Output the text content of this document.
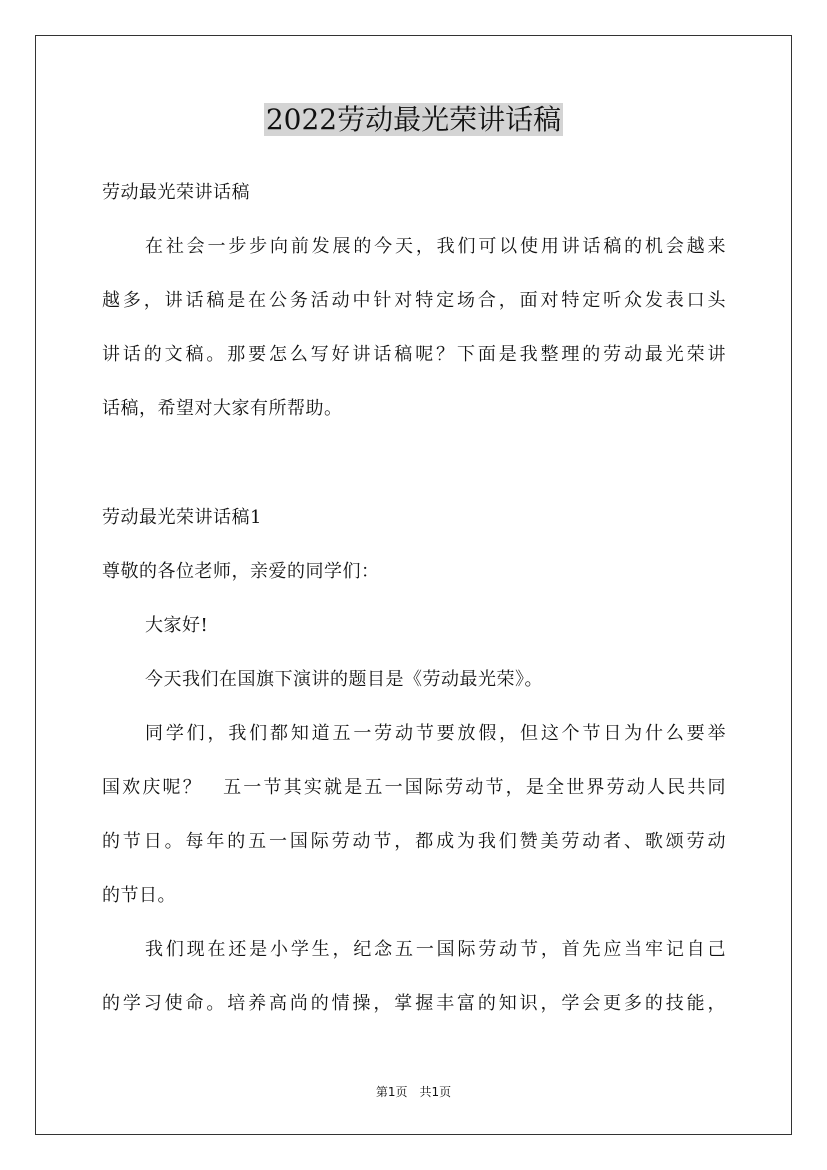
2022劳动最光荣讲话稿
劳动最光荣讲话稿
在社会一步步向前发展的今天，我们可以使用讲话稿的机会越来
越多，讲话稿是在公务活动中针对特定场合，面对特定听众发表口头
讲话的文稿。那要怎么写好讲话稿呢？下面是我整理的劳动最光荣讲
话稿，希望对大家有所帮助。
劳动最光荣讲话稿1
尊敬的各位老师，亲爱的同学们：
大家好!
今天我们在国旗下演讲的题目是《劳动最光荣》。
同学们，我们都知道五一劳动节要放假，但这个节日为什么要举
国欢庆呢？　五一节其实就是五一国际劳动节，是全世界劳动人民共同
的节日。每年的五一国际劳动节，都成为我们赞美劳动者、歌颂劳动
的节日。
我们现在还是小学生，纪念五一国际劳动节，首先应当牢记自己
的学习使命。培养高尚的情操，掌握丰富的知识，学会更多的技能，
第1页　共1页
